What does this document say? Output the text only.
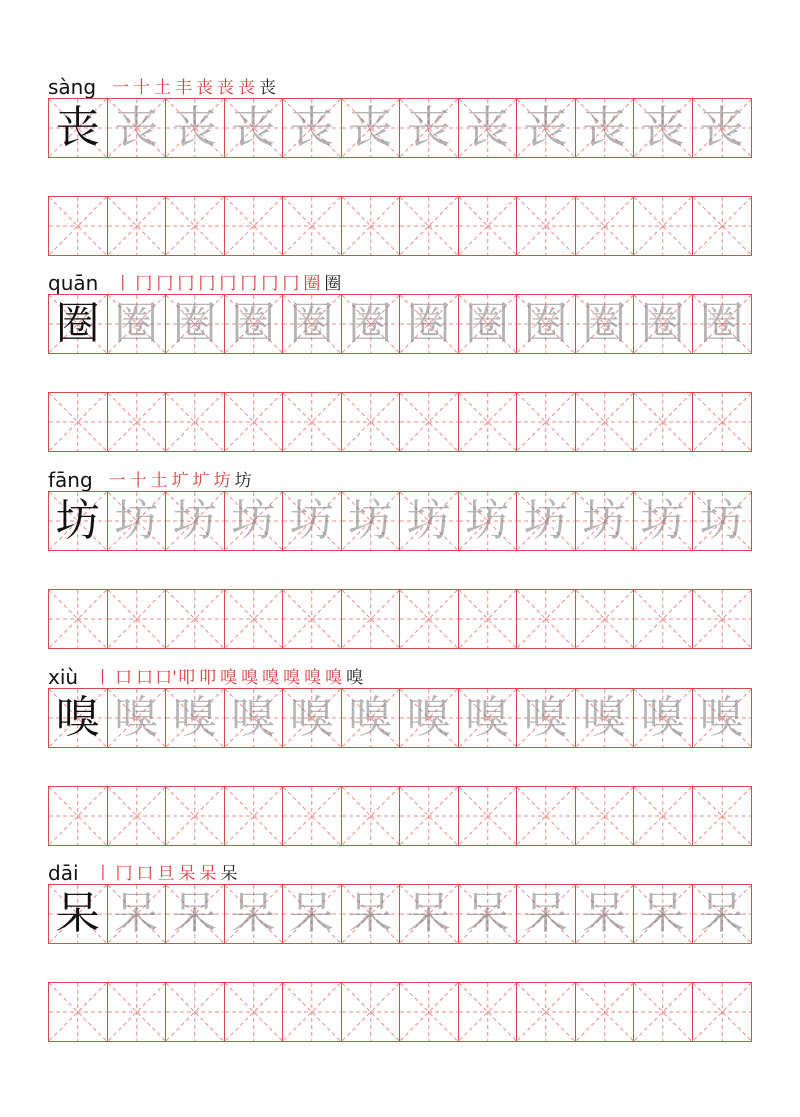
sàng 一 十 土 丰 丧 丧 丧 丧
丧 丧 丧 丧 丧 丧 丧 丧 丧 丧 丧 丧
quān 丨 冂 冂 冂 冂 冂 冂 冂 冂 圈 圈
圈 圈 圈 圈 圈 圈 圈 圈 圈 圈 圈 圈
fāng 一 十 土 圹 圹 坊 坊
坊 坊 坊 坊 坊 坊 坊 坊 坊 坊 坊 坊
xiù 丨 口 口 口' 叩 叩 嗅 嗅 嗅 嗅 嗅 嗅 嗅
嗅 嗅 嗅 嗅 嗅 嗅 嗅 嗅 嗅 嗅 嗅 嗅
dāi 丨 冂 口 旦 呆 呆 呆
呆 呆 呆 呆 呆 呆 呆 呆 呆 呆 呆 呆
